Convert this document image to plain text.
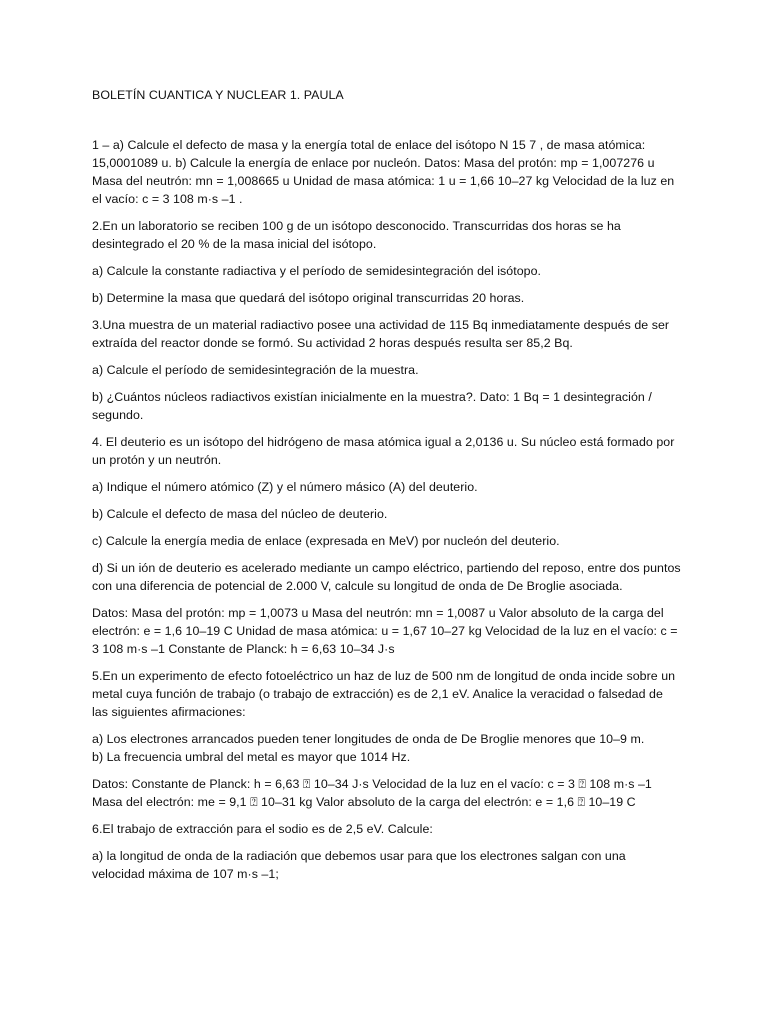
BOLETÍN CUANTICA Y NUCLEAR 1. PAULA

1 – a) Calcule el defecto de masa y la energía total de enlace del isótopo N 15 7 , de masa atómica: 15,0001089 u. b) Calcule la energía de enlace por nucleón. Datos: Masa del protón: mp = 1,007276 u Masa del neutrón: mn = 1,008665 u Unidad de masa atómica: 1 u = 1,66 10–27 kg Velocidad de la luz en el vacío: c = 3 108 m·s –1 .

2.En un laboratorio se reciben 100 g de un isótopo desconocido. Transcurridas dos horas se ha desintegrado el 20 % de la masa inicial del isótopo.

a) Calcule la constante radiactiva y el período de semidesintegración del isótopo.

b) Determine la masa que quedará del isótopo original transcurridas 20 horas.

3.Una muestra de un material radiactivo posee una actividad de 115 Bq inmediatamente después de ser extraída del reactor donde se formó. Su actividad 2 horas después resulta ser 85,2 Bq.

a) Calcule el período de semidesintegración de la muestra.

b) ¿Cuántos núcleos radiactivos existían inicialmente en la muestra?. Dato: 1 Bq = 1 desintegración / segundo.

4. El deuterio es un isótopo del hidrógeno de masa atómica igual a 2,0136 u. Su núcleo está formado por un protón y un neutrón.

a) Indique el número atómico (Z) y el número másico (A) del deuterio.

b) Calcule el defecto de masa del núcleo de deuterio.

c) Calcule la energía media de enlace (expresada en MeV) por nucleón del deuterio.

d) Si un ión de deuterio es acelerado mediante un campo eléctrico, partiendo del reposo, entre dos puntos con una diferencia de potencial de 2.000 V, calcule su longitud de onda de De Broglie asociada.

Datos: Masa del protón: mp = 1,0073 u Masa del neutrón: mn = 1,0087 u Valor absoluto de la carga del electrón: e = 1,6 10–19 C Unidad de masa atómica: u = 1,67 10–27 kg Velocidad de la luz en el vacío: c = 3 108 m·s –1 Constante de Planck: h = 6,63 10–34 J·s

5.En un experimento de efecto fotoeléctrico un haz de luz de 500 nm de longitud de onda incide sobre un metal cuya función de trabajo (o trabajo de extracción) es de 2,1 eV. Analice la veracidad o falsedad de las siguientes afirmaciones:

a) Los electrones arrancados pueden tener longitudes de onda de De Broglie menores que 10–9 m.

b) La frecuencia umbral del metal es mayor que 1014 Hz.

Datos: Constante de Planck: h = 6,63 ⍰ 10–34 J·s Velocidad de la luz en el vacío: c = 3 ⍰ 108 m·s –1

Masa del electrón: me = 9,1 ⍰ 10–31 kg Valor absoluto de la carga del electrón: e = 1,6 ⍰ 10–19 C

6.El trabajo de extracción para el sodio es de 2,5 eV. Calcule:

a) la longitud de onda de la radiación que debemos usar para que los electrones salgan con una velocidad máxima de 107 m·s –1;
